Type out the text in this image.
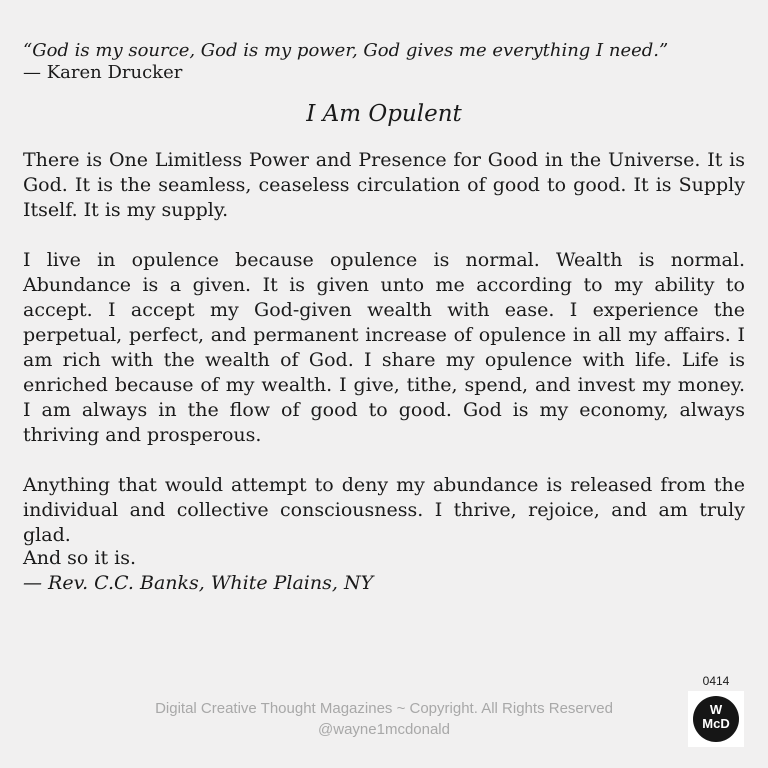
“God is my source, God is my power, God gives me everything I need.”
— Karen Drucker
I Am Opulent

There is One Limitless Power and Presence for Good in the Universe. It is God. It is the seamless, ceaseless circulation of good to good. It is Supply Itself. It is my supply.

I live in opulence because opulence is normal. Wealth is normal. Abundance is a given. It is given unto me according to my ability to accept. I accept my God-given wealth with ease. I experience the perpetual, perfect, and permanent increase of opulence in all my affairs. I am rich with the wealth of God. I share my opulence with life. Life is enriched because of my wealth. I give, tithe, spend, and invest my money. I am always in the flow of good to good. God is my economy, always thriving and prosperous.

Anything that would attempt to deny my abundance is released from the individual and collective consciousness. I thrive, rejoice, and am truly glad.

And so it is.
— Rev. C.C. Banks, White Plains, NY
Digital Creative Thought Magazines ~ Copyright. All Rights Reserved
@wayne1mcdonald
0414
W
McD
